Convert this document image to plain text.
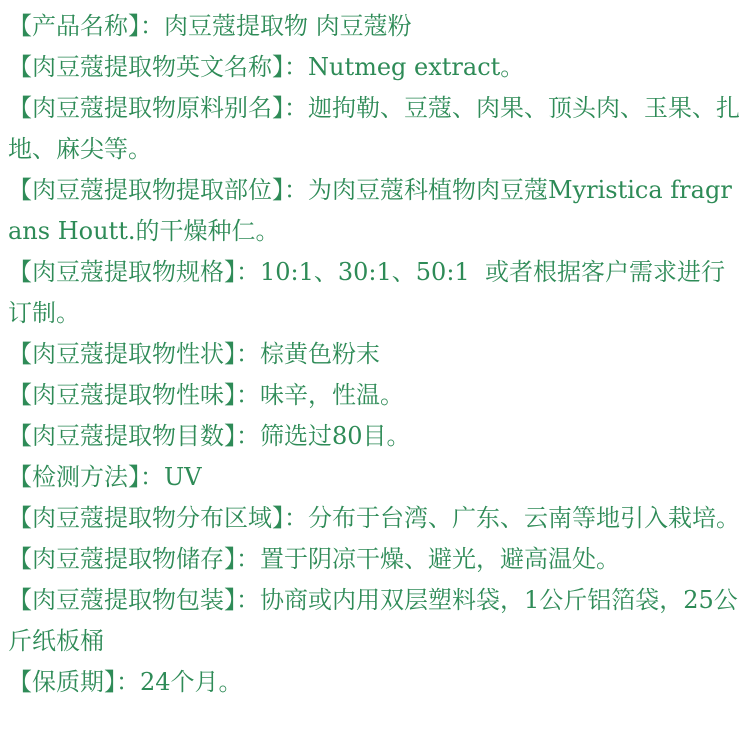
【产品名称】：肉豆蔻提取物 肉豆蔻粉

【肉豆蔻提取物英文名称】：Nutmeg extract。

【肉豆蔻提取物原料别名】：迦拘勒、豆蔻、肉果、顶头肉、玉果、扎地、麻尖等。

【肉豆蔻提取物提取部位】：为肉豆蔻科植物肉豆蔻Myristica fragrans Houtt.的干燥种仁。

【肉豆蔻提取物规格】：10:1、30:1、50:1  或者根据客户需求进行订制。

【肉豆蔻提取物性状】：棕黄色粉末

【肉豆蔻提取物性味】：味辛，性温。

【肉豆蔻提取物目数】：筛选过80目。

【检测方法】：UV

【肉豆蔻提取物分布区域】：分布于台湾、广东、云南等地引入栽培。

【肉豆蔻提取物储存】：置于阴凉干燥、避光，避高温处。

【肉豆蔻提取物包装】：协商或内用双层塑料袋，1公斤铝箔袋，25公斤纸板桶

【保质期】：24个月。
